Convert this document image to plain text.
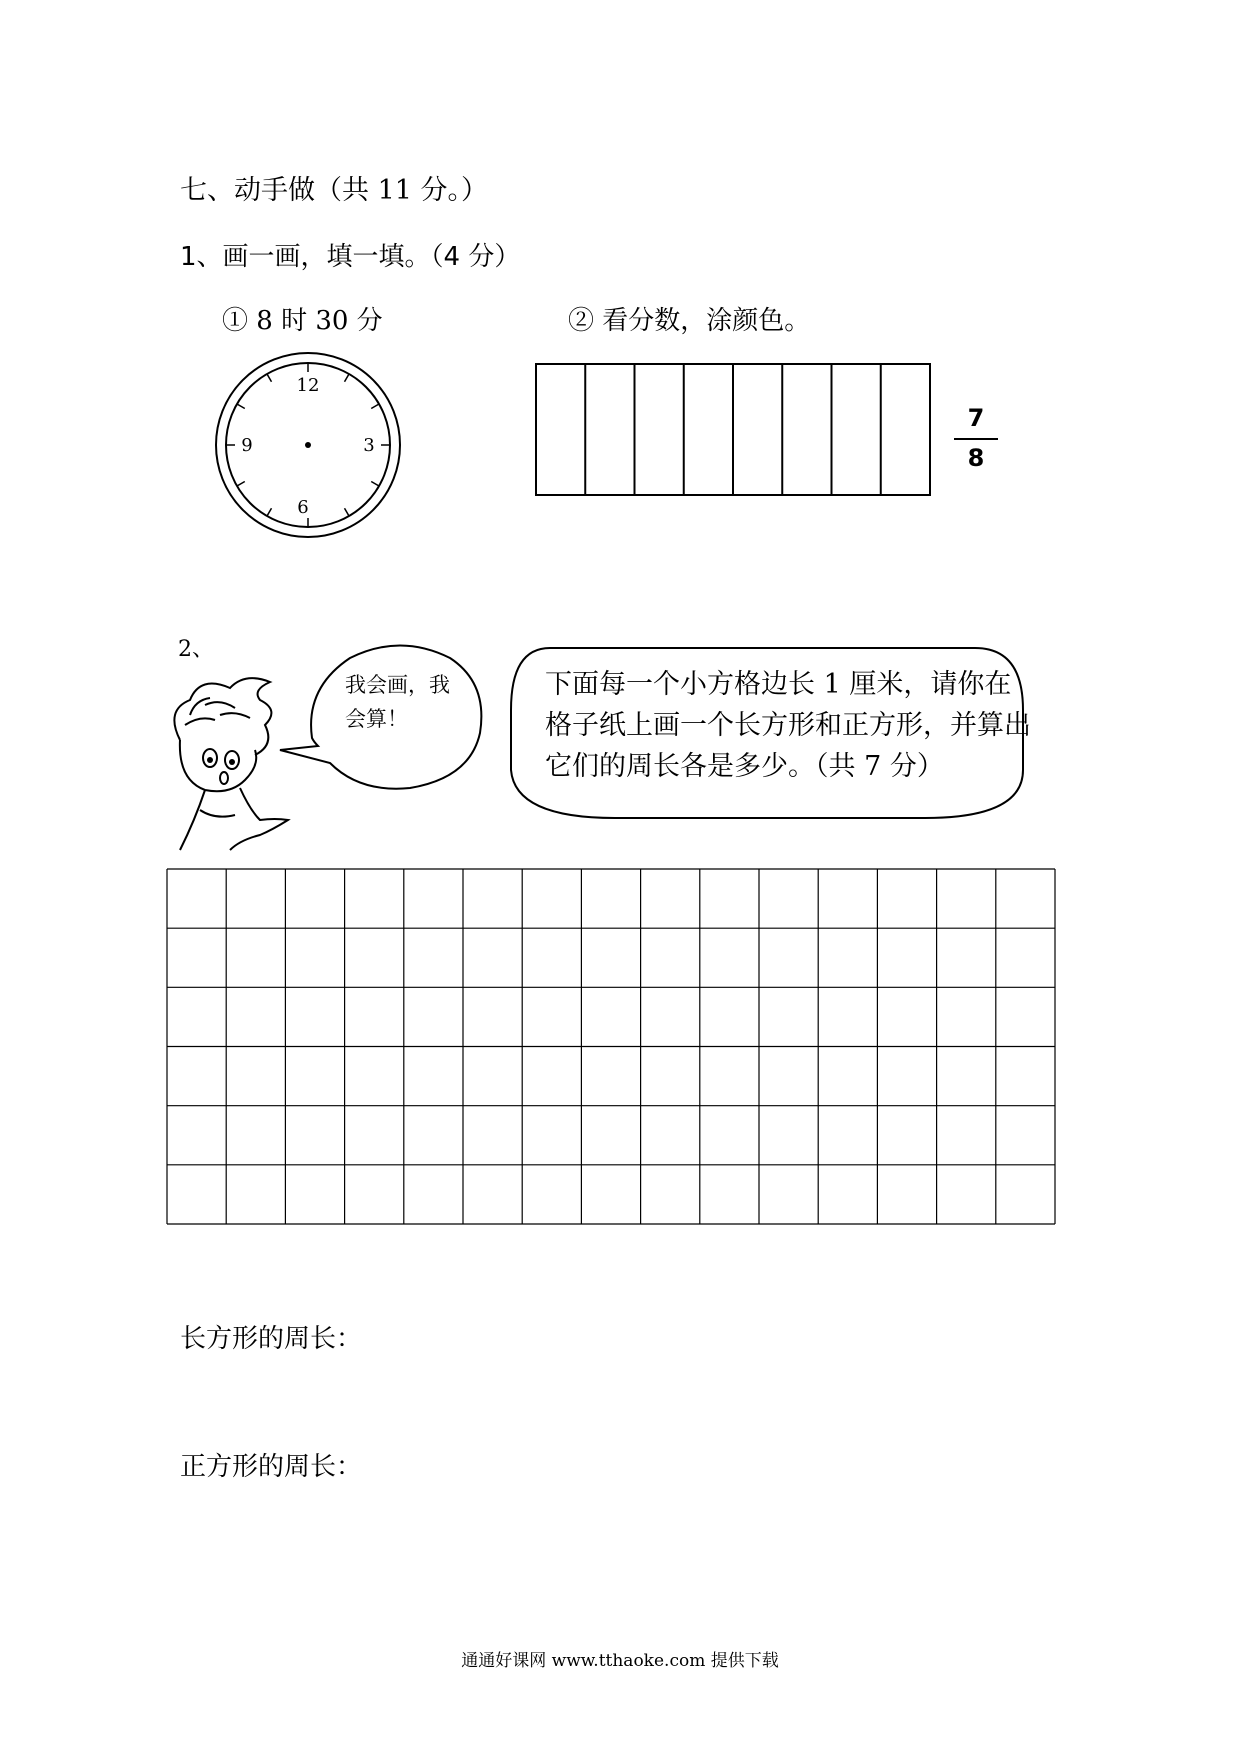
七、动手做（共 11 分。）
1、画一画，填一填。（4 分）
① 8 时 30 分	② 看分数，涂颜色。
12
3
6
9
7
8
2、
我会画，我会算！
下面每一个小方格边长 1 厘米，请你在格子纸上画一个长方形和正方形，并算出它们的周长各是多少。（共 7 分）
长方形的周长：
正方形的周长：
通通好课网 www.tthaoke.com 提供下载
